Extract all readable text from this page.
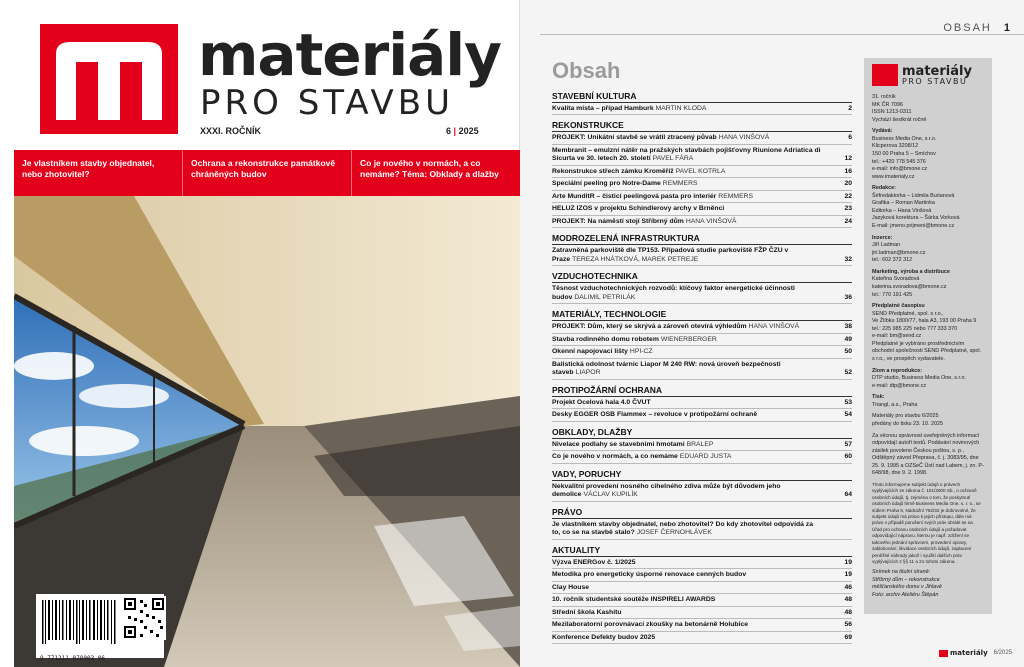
materiály
PRO STAVBU
XXXI. ROČNÍK	6 | 2025
Je vlastníkem stavby objednatel, nebo zhotovitel?
Ochrana a rekonstrukce památkově chráněných budov
Co je nového v normách, a co nemáme? Téma: Obklady a dlažby
9 771211 078003 06
OBSAH 1
Obsah
STAVEBNÍ KULTURA
Kvalita místa – případ Hamburk MARTIN KLODA	2
REKONSTRUKCE
PROJEKT: Unikátní stavbě se vrátil ztracený půvab HANA VINŠOVÁ	6
Membranit – emulzní nátěr na pražských stavbách pojišťovny Riunione Adriatica di Sicurta ve 30. letech 20. století PAVEL FÁRA	12
Rekonstrukce střech zámku Kroměříž PAVEL KOTRLA	16
Speciální peeling pro Notre-Dame REMMERS	20
Arte MunditR – čisticí peelingová pasta pro interiér REMMERS	22
HELUZ IZOS v projektu Schindlerovy archy v Brněnci	23
PROJEKT: Na náměstí stojí Stříbrný dům HANA VINŠOVÁ	24
MODROZELENÁ INFRASTRUKTURA
Zatravněná parkoviště dle TP153. Případová studie parkoviště FŽP ČZU v Praze TEREZA HNÁTKOVÁ, MAREK PETREJE	32
VZDUCHOTECHNIKA
Těsnost vzduchotechnických rozvodů: klíčový faktor energetické účinnosti budov DALIMIL PETRILÁK	36
MATERIÁLY, TECHNOLOGIE
PROJEKT: Dům, který se skrývá a zároveň otevírá výhledům HANA VINŠOVÁ	38
Stavba rodinného domu robotem WIENERBERGER	49
Okenní napojovací lišty HPI-CZ	50
Balistická odolnost tvárnic Liapor M 240 RW: nová úroveň bezpečnosti staveb LIAPOR	52
PROTIPOŽÁRNÍ OCHRANA
Projekt Ocelová hala 4.0 ČVUT	53
Desky EGGER OSB Flammex – revoluce v protipožární ochraně	54
OBKLADY, DLAŽBY
Nivelace podlahy se stavebními hmotami BRALEP	57
Co je nového v normách, a co nemáme EDUARD JUSTA	60
VADY, PORUCHY
Nekvalitní provedení nosného cihelného zdiva může být důvodem jeho demolice VÁCLAV KUPILÍK	64
PRÁVO
Je vlastníkem stavby objednatel, nebo zhotovitel? Do kdy zhotovitel odpovídá za to, co se na stavbě stalo? JOSEF ČERNOHLÁVEK
AKTUALITY
Výzva ENERGov č. 1/2025	19
Metodika pro energeticky úsporné renovace cenných budov	19
Clay House	46
10. ročník studentské soutěže INSPIRELI AWARDS	48
Střední škola Kashitu	48
Mezilaboratorní porovnávací zkoušky na betonárně Holubice	56
Konference Defekty budov 2025	69
materiály
PRO STAVBU
31. ročník
MK ČR 7096
ISSN 1213-0311
Vychází šestkrát ročně
Vydává:
Business Media One, s.r.o.
Klicperova 3208/12
150 00 Praha 5 – Smíchov
tel.: +420 778 545 376
e-mail: info@bmone.cz
www.imaterialy.cz
Redakce:
Šéfredaktorka – Lidmila Burianová
Grafika – Roman Martinka
Editorka – Hana Vinšová
Jazyková korektura – Šárka Vorková
E-mail: jmeno.prijmeni@bmone.cz
Inzerce:
Jiří Ladman
jiri.ladman@bmone.cz
tel.: 602 372 312
Marketing, výroba a distribuce
Kateřina Svoradová
katerina.svoradova@bmone.cz
tel.: 770 191 425
Předplatné časopisu
SEND Předplatné, spol. s r.o.,
Ve Žlíbku 1800/77, hala A3, 193 00 Praha 9
tel.: 225 985 225 nebo 777 333 370
e-mail: bm@send.cz
Předplatné je vybíráno prostřednictvím obchodní společnosti SEND Předplatné, spol. s r.o., ve prospěch vydavatele.
Zlom a reprodukce:
DTP studio, Business Media One, s.r.o.
e-mail: dtp@bmone.cz
Tisk:
Triangl, a.s., Praha
Materiály pro stavbu 6/2025
předány do tisku 23. 10. 2025
Za věcnou správnost uveřejněných informací odpovídají autoři textů. Podávání novinových zásilek povoleno Českou poštou, s. p., Odštěpný závod Přeprava, č. j. 3083/95, dne 25. 9. 1995 a OZSeČ Ústí nad Labem, j. zn. P-648/98, dne 9. 2. 1998.
Tímto informujeme subjekt údajů o právech vyplývajících ze zákona č. 101/2000 Sb., o ochraně osobních údajů, tj. zejména o tom, že poskytnutí osobních údajů firmě Business Media One, s. r. o., se sídlem Praha 5, Nádražní 762/32 je dobrovolné, že subjekt údajů má právo k jejich přístupu, dále má právo v případě porušení svých práv obrátit se na Úřad pro ochranu osobních údajů a požadovat odpovídající nápravu, kterou je např. zdržení se takového jednání správcem, provedení opravy, zablokování, likvidace osobních údajů, zaplacení peněžité náhrady jakož i využití dalších práv vyplývajících z §§ 11 a 21 tohoto zákona.
Snímek na titulní straně:
Stříbrný dům – rekonstrukce
měšťanského domu v Jihlavě
Foto: archiv Ateliéru Štěpán
materiály 6/2025
